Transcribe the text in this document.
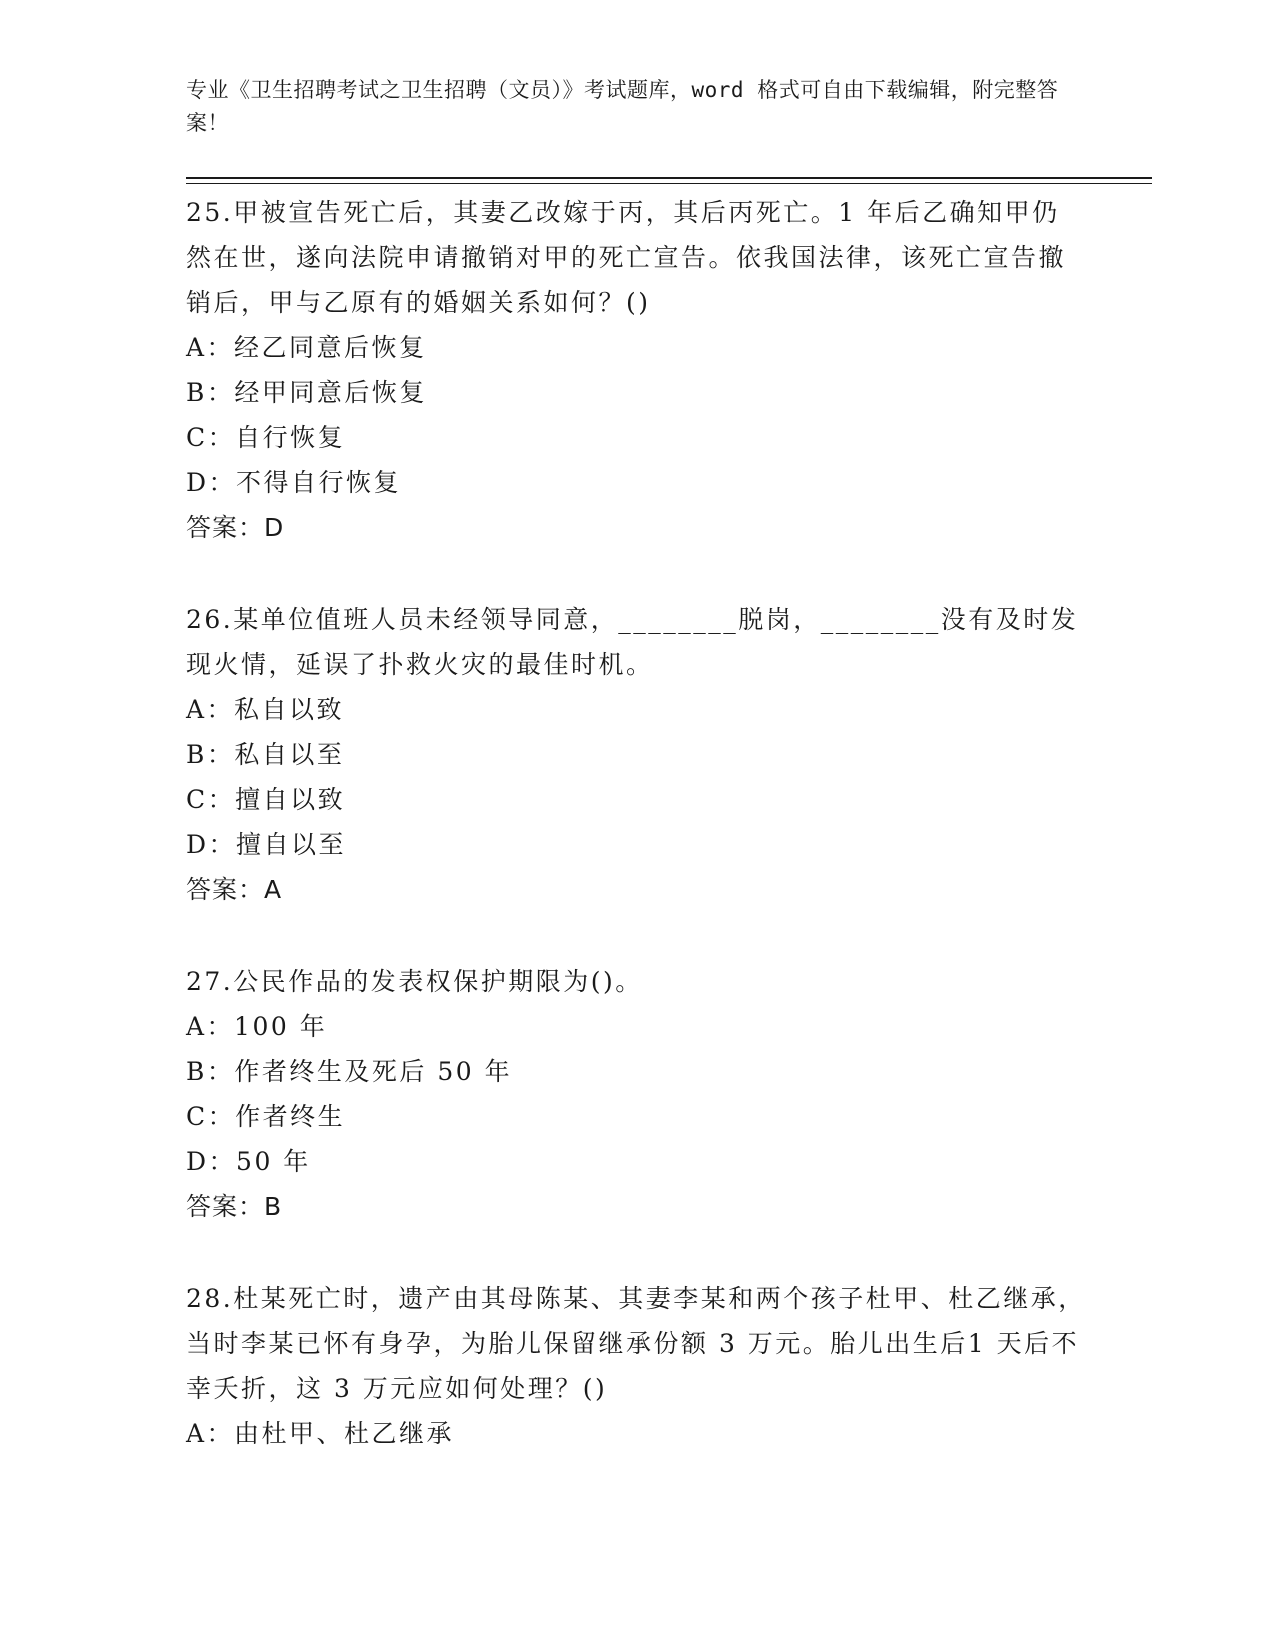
专业《卫生招聘考试之卫生招聘（文员）》考试题库，word 格式可自由下载编辑，附完整答案！

25.甲被宣告死亡后，其妻乙改嫁于丙，其后丙死亡。1 年后乙确知甲仍然在世，遂向法院申请撤销对甲的死亡宣告。依我国法律，该死亡宣告撤销后，甲与乙原有的婚姻关系如何？()

A：经乙同意后恢复

B：经甲同意后恢复

C：自行恢复

D：不得自行恢复

答案：D

26.某单位值班人员未经领导同意，________脱岗，________没有及时发现火情，延误了扑救火灾的最佳时机。

A：私自以致

B：私自以至

C：擅自以致

D：擅自以至

答案：A

27.公民作品的发表权保护期限为()。

A：100 年

B：作者终生及死后 50 年

C：作者终生

D：50 年

答案：B

28.杜某死亡时，遗产由其母陈某、其妻李某和两个孩子杜甲、杜乙继承，当时李某已怀有身孕，为胎儿保留继承份额 3 万元。胎儿出生后1 天后不幸夭折，这 3 万元应如何处理？()

A：由杜甲、杜乙继承
